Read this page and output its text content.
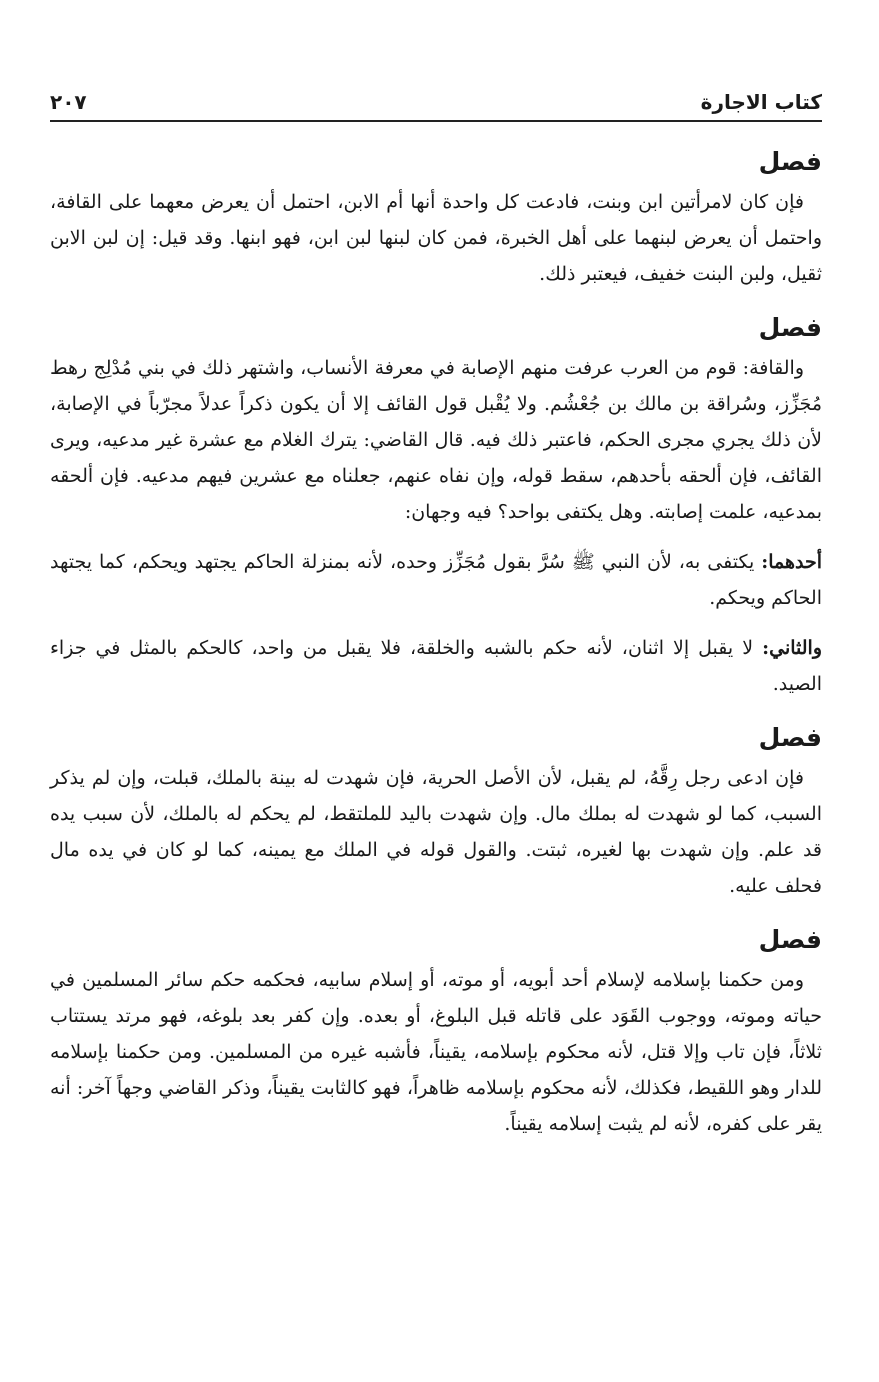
كتاب الاجارة
٢٠٧
فصل

فإن كان لامرأتين ابن وبنت، فادعت كل واحدة أنها أم الابن، احتمل أن يعرض معهما على القافة، واحتمل أن يعرض لبنهما على أهل الخبرة، فمن كان لبنها لبن ابن، فهو ابنها. وقد قيل: إن لبن الابن ثقيل، ولبن البنت خفيف، فيعتبر ذلك.

فصل

والقافة: قوم من العرب عرفت منهم الإصابة في معرفة الأنساب، واشتهر ذلك في بني مُدْلِج رهط مُجَزِّز، وسُراقة بن مالك بن جُعْشُم. ولا يُقْبل قول القائف إلا أن يكون ذكراً عدلاً مجرّباً في الإصابة، لأن ذلك يجري مجرى الحكم، فاعتبر ذلك فيه. قال القاضي: يترك الغلام مع عشرة غير مدعيه، ويرى القائف، فإن ألحقه بأحدهم، سقط قوله، وإن نفاه عنهم، جعلناه مع عشرين فيهم مدعيه. فإن ألحقه بمدعيه، علمت إصابته. وهل يكتفى بواحد؟ فيه وجهان:

أحدهما: يكتفى به، لأن النبي ﷺ سُرَّ بقول مُجَزِّز وحده، لأنه بمنزلة الحاكم يجتهد ويحكم، كما يجتهد الحاكم ويحكم.

والثاني: لا يقبل إلا اثنان، لأنه حكم بالشبه والخلقة، فلا يقبل من واحد، كالحكم بالمثل في جزاء الصيد.

فصل

فإن ادعى رجل رِقَّهُ، لم يقبل، لأن الأصل الحرية، فإن شهدت له بينة بالملك، قبلت، وإن لم يذكر السبب، كما لو شهدت له بملك مال. وإن شهدت باليد للملتقط، لم يحكم له بالملك، لأن سبب يده قد علم. وإن شهدت بها لغيره، ثبتت. والقول قوله في الملك مع يمينه، كما لو كان في يده مال فحلف عليه.

فصل

ومن حكمنا بإسلامه لإسلام أحد أبويه، أو موته، أو إسلام سابيه، فحكمه حكم سائر المسلمين في حياته وموته، ووجوب القَوَد على قاتله قبل البلوغ، أو بعده. وإن كفر بعد بلوغه، فهو مرتد يستتاب ثلاثاً، فإن تاب وإلا قتل، لأنه محكوم بإسلامه، يقيناً، فأشبه غيره من المسلمين. ومن حكمنا بإسلامه للدار وهو اللقيط، فكذلك، لأنه محكوم بإسلامه ظاهراً، فهو كالثابت يقيناً، وذكر القاضي وجهاً آخر: أنه يقر على كفره، لأنه لم يثبت إسلامه يقيناً.
